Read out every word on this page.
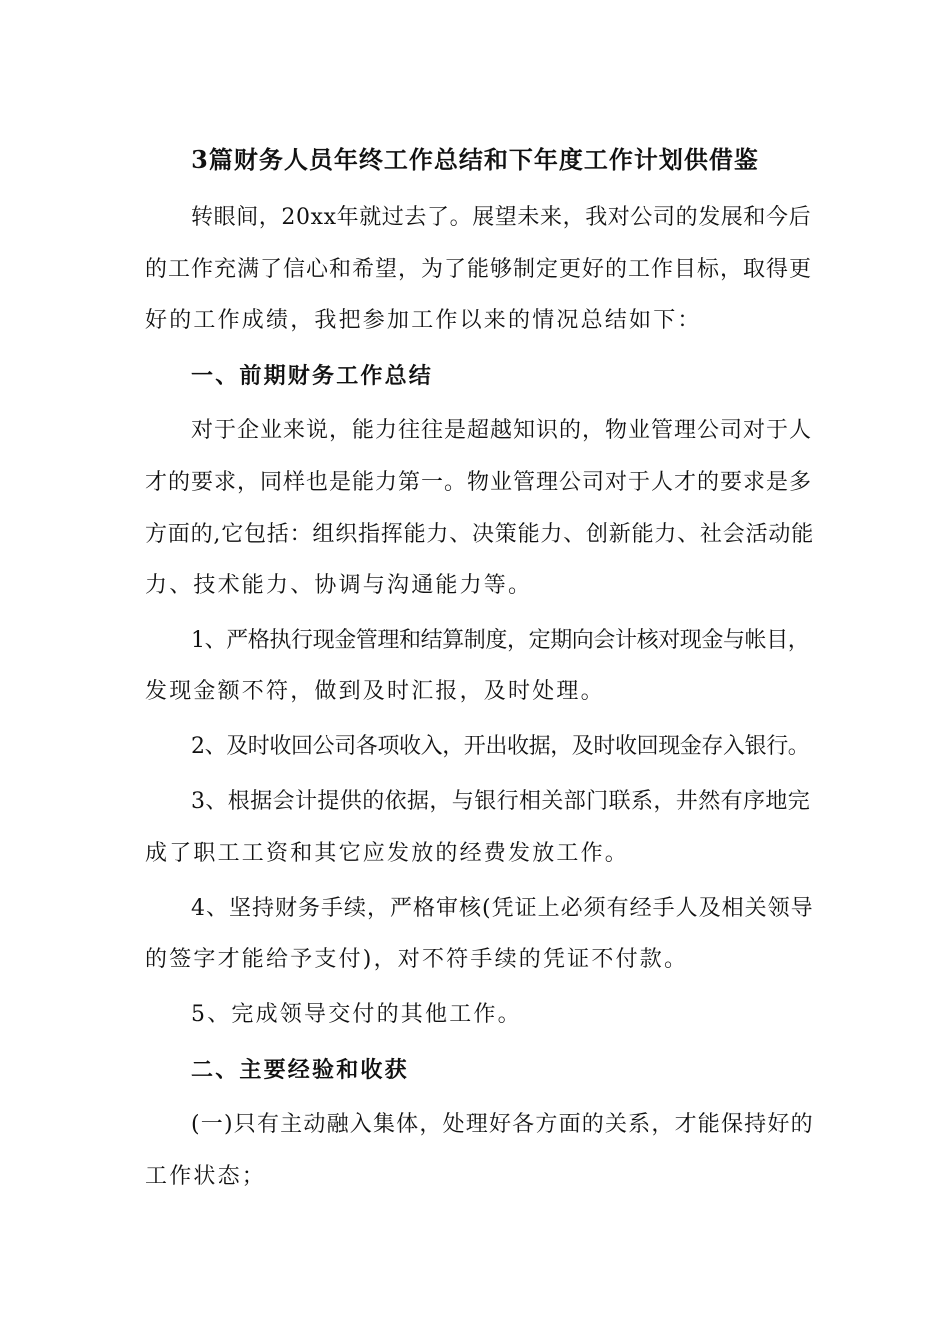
3篇财务人员年终工作总结和下年度工作计划供借鉴
转眼间，20xx年就过去了。展望未来，我对公司的发展和今后
的工作充满了信心和希望，为了能够制定更好的工作目标，取得更
好的工作成绩，我把参加工作以来的情况总结如下：
一、前期财务工作总结
对于企业来说，能力往往是超越知识的，物业管理公司对于人
才的要求，同样也是能力第一。物业管理公司对于人才的要求是多
方面的,它包括：组织指挥能力、决策能力、创新能力、社会活动能
力、技术能力、协调与沟通能力等。
1、严格执行现金管理和结算制度，定期向会计核对现金与帐目，
发现金额不符，做到及时汇报，及时处理。
2、及时收回公司各项收入，开出收据，及时收回现金存入银行。
3、根据会计提供的依据，与银行相关部门联系，井然有序地完
成了职工工资和其它应发放的经费发放工作。
4、坚持财务手续，严格审核(凭证上必须有经手人及相关领导
的签字才能给予支付)，对不符手续的凭证不付款。
5、完成领导交付的其他工作。
二、主要经验和收获
(一)只有主动融入集体，处理好各方面的关系，才能保持好的
工作状态；
